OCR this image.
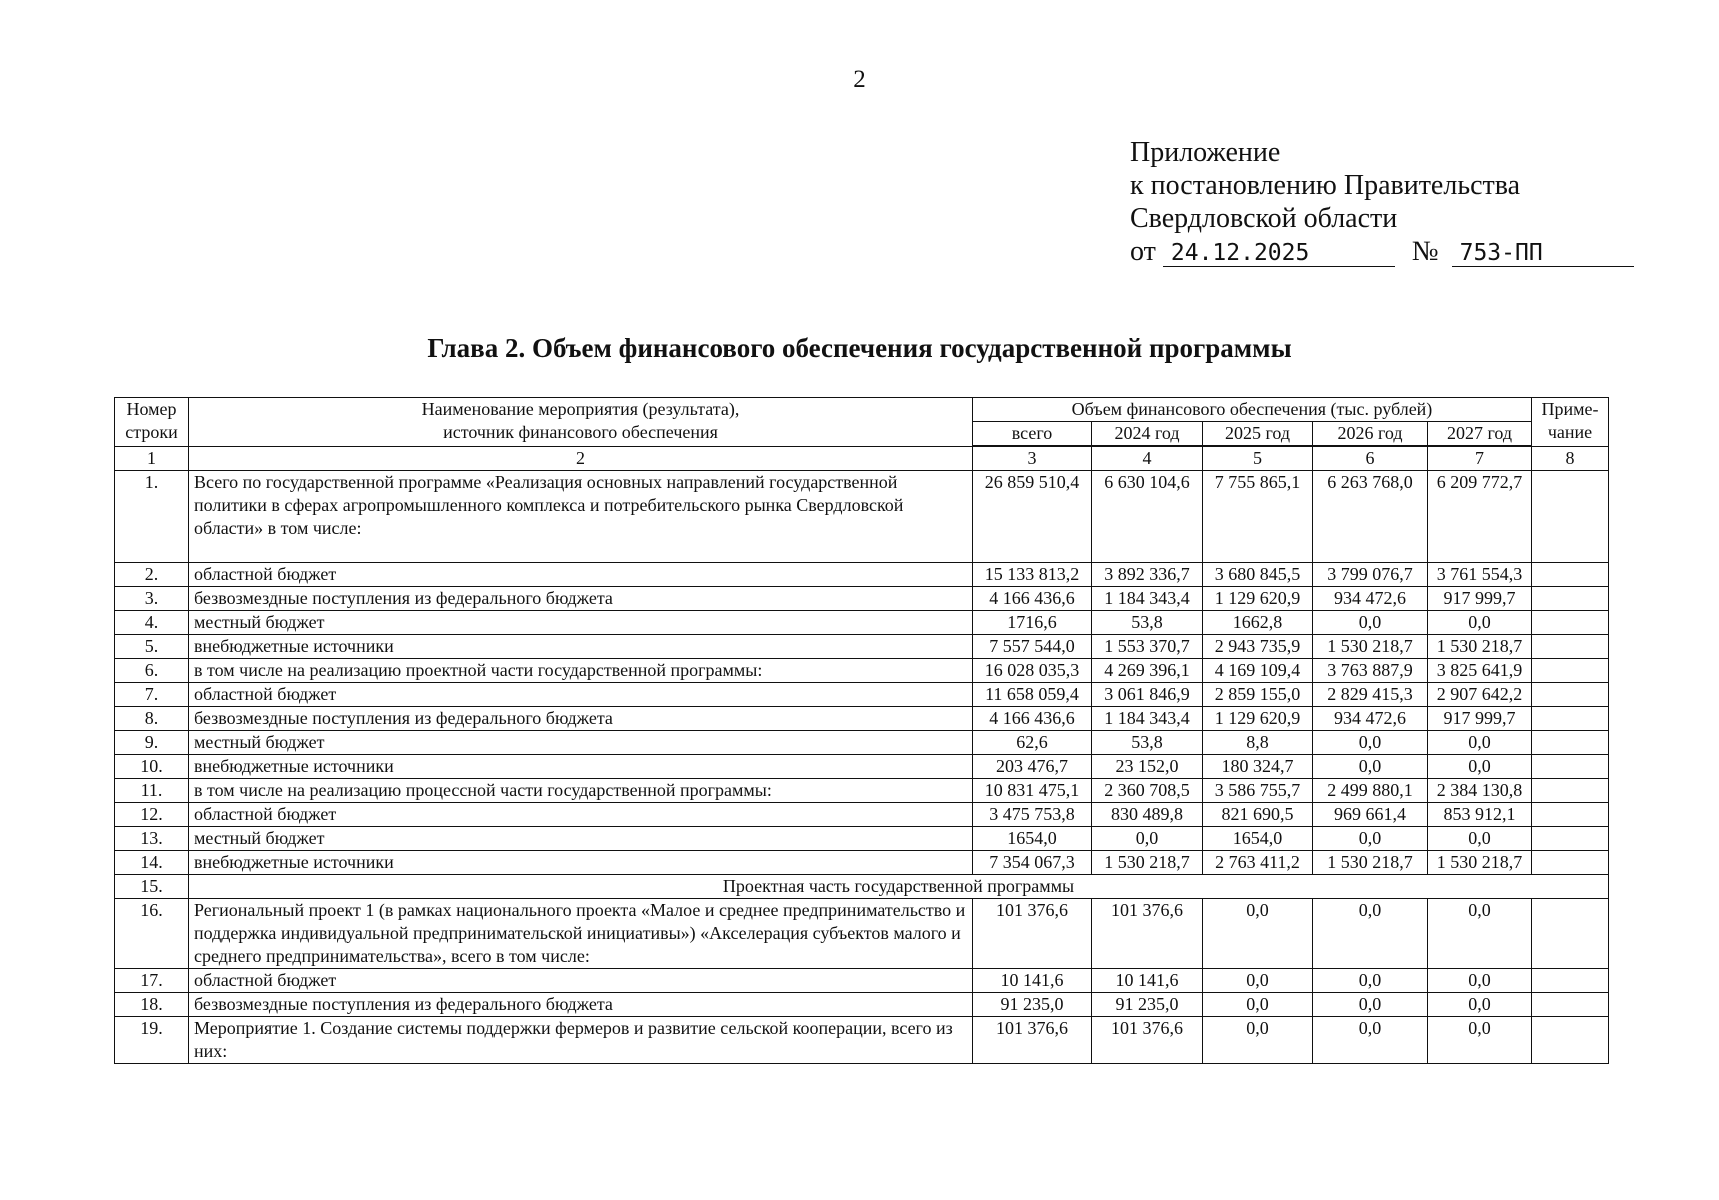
2
Приложение
к постановлению Правительства
Свердловской области
от 24.12.2025	№ 753-ПП
Глава 2. Объем финансового обеспечения государственной программы
Номер строки	Наименование мероприятия (результата), источник финансового обеспечения	Объем финансового обеспечения (тыс. рублей)					Приме-чание
		всего	2024 год	2025 год	2026 год	2027 год	
1	2	3	4	5	6	7	8
1.	Всего по государственной программе «Реализация основных направлений государственной политики в сферах агропромышленного комплекса и потребительского рынка Свердловской области» в том числе:	26 859 510,4	6 630 104,6	7 755 865,1	6 263 768,0	6 209 772,7	
2.	областной бюджет	15 133 813,2	3 892 336,7	3 680 845,5	3 799 076,7	3 761 554,3	
3.	безвозмездные поступления из федерального бюджета	4 166 436,6	1 184 343,4	1 129 620,9	934 472,6	917 999,7	
4.	местный бюджет	1716,6	53,8	1662,8	0,0	0,0	
5.	внебюджетные источники	7 557 544,0	1 553 370,7	2 943 735,9	1 530 218,7	1 530 218,7	
6.	в том числе на реализацию проектной части государственной программы:	16 028 035,3	4 269 396,1	4 169 109,4	3 763 887,9	3 825 641,9	
7.	областной бюджет	11 658 059,4	3 061 846,9	2 859 155,0	2 829 415,3	2 907 642,2	
8.	безвозмездные поступления из федерального бюджета	4 166 436,6	1 184 343,4	1 129 620,9	934 472,6	917 999,7	
9.	местный бюджет	62,6	53,8	8,8	0,0	0,0	
10.	внебюджетные источники	203 476,7	23 152,0	180 324,7	0,0	0,0	
11.	в том числе на реализацию процессной части государственной программы:	10 831 475,1	2 360 708,5	3 586 755,7	2 499 880,1	2 384 130,8	
12.	областной бюджет	3 475 753,8	830 489,8	821 690,5	969 661,4	853 912,1	
13.	местный бюджет	1654,0	0,0	1654,0	0,0	0,0	
14.	внебюджетные источники	7 354 067,3	1 530 218,7	2 763 411,2	1 530 218,7	1 530 218,7	
15.	Проектная часть государственной программы						
16.	Региональный проект 1 (в рамках национального проекта «Малое и среднее предпринимательство и поддержка индивидуальной предпринимательской инициативы») «Акселерация субъектов малого и среднего предпринимательства», всего в том числе:	101 376,6	101 376,6	0,0	0,0	0,0	
17.	областной бюджет	10 141,6	10 141,6	0,0	0,0	0,0	
18.	безвозмездные поступления из федерального бюджета	91 235,0	91 235,0	0,0	0,0	0,0	
19.	Мероприятие 1. Создание системы поддержки фермеров и развитие сельской кооперации, всего из них:	101 376,6	101 376,6	0,0	0,0	0,0	
